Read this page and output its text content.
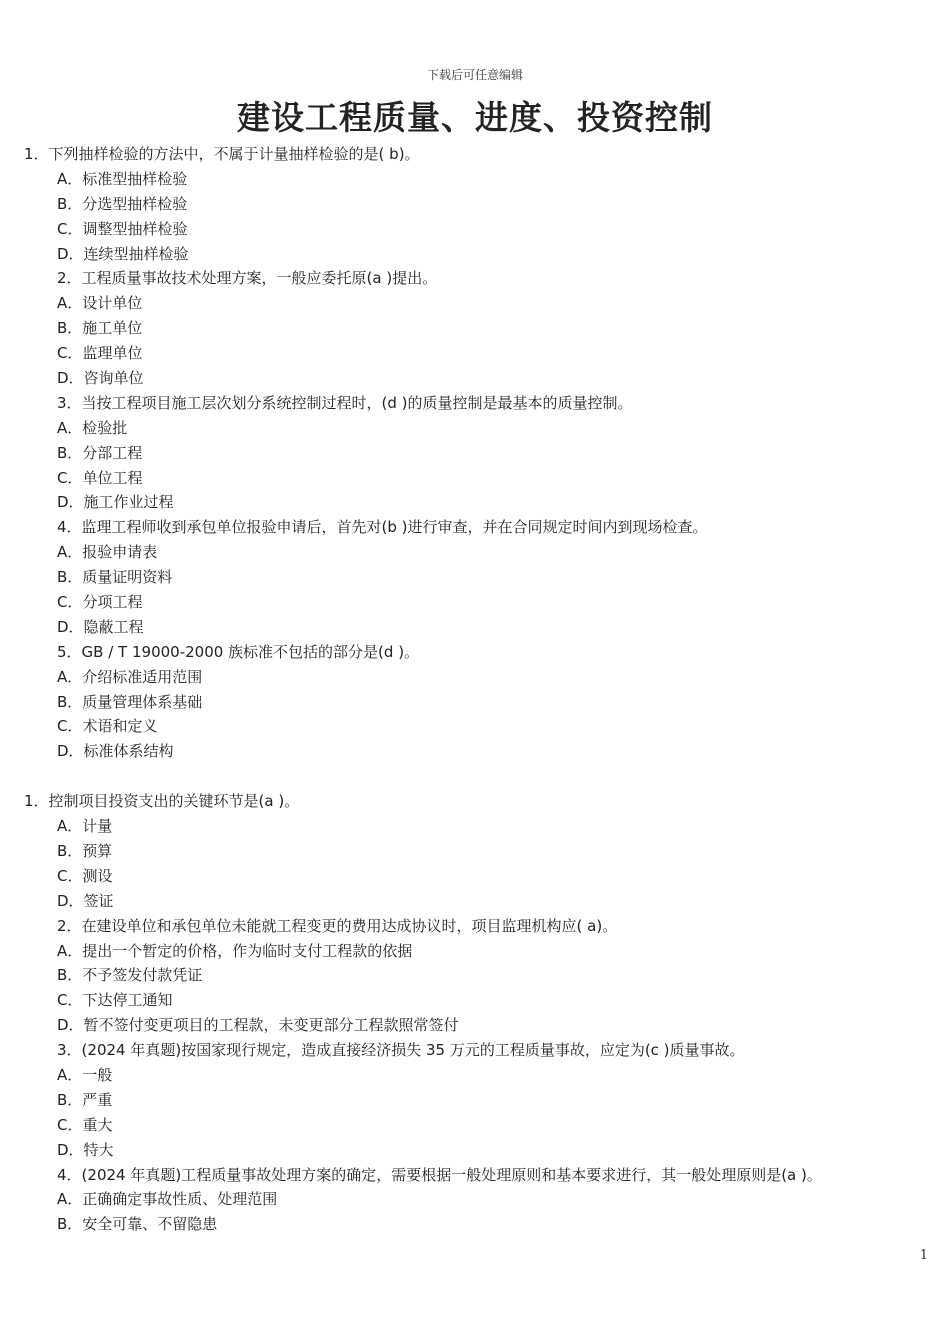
下载后可任意编辑
建设工程质量、进度、投资控制
1．下列抽样检验的方法中，不属于计量抽样检验的是( b)。
A．标准型抽样检验
B．分选型抽样检验
C．调整型抽样检验
D．连续型抽样检验
2．工程质量事故技术处理方案，一般应委托原(a )提出。
A．设计单位
B．施工单位
C．监理单位
D．咨询单位
3．当按工程项目施工层次划分系统控制过程时，(d )的质量控制是最基本的质量控制。
A．检验批
B．分部工程
C．单位工程
D．施工作业过程
4．监理工程师收到承包单位报验申请后，首先对(b )进行审查，并在合同规定时间内到现场检查。
A．报验申请表
B．质量证明资料
C．分项工程
D．隐蔽工程
5．GB / T 19000-2000 族标准不包括的部分是(d )。
A．介绍标准适用范围
B．质量管理体系基础
C．术语和定义
D．标准体系结构
1．控制项目投资支出的关键环节是(a )。
A．计量
B．预算
C．测设
D．签证
2．在建设单位和承包单位未能就工程变更的费用达成协议时，项目监理机构应( a)。
A．提出一个暂定的价格，作为临时支付工程款的依据
B．不予签发付款凭证
C．下达停工通知
D．暂不签付变更项目的工程款，未变更部分工程款照常签付
3．(2024 年真题)按国家现行规定，造成直接经济损失 35 万元的工程质量事故，应定为(c )质量事故。
A．一般
B．严重
C．重大
D．特大
4．(2024 年真题)工程质量事故处理方案的确定，需要根据一般处理原则和基本要求进行，其一般处理原则是(a )。
A．正确确定事故性质、处理范围
B．安全可靠、不留隐患
1
